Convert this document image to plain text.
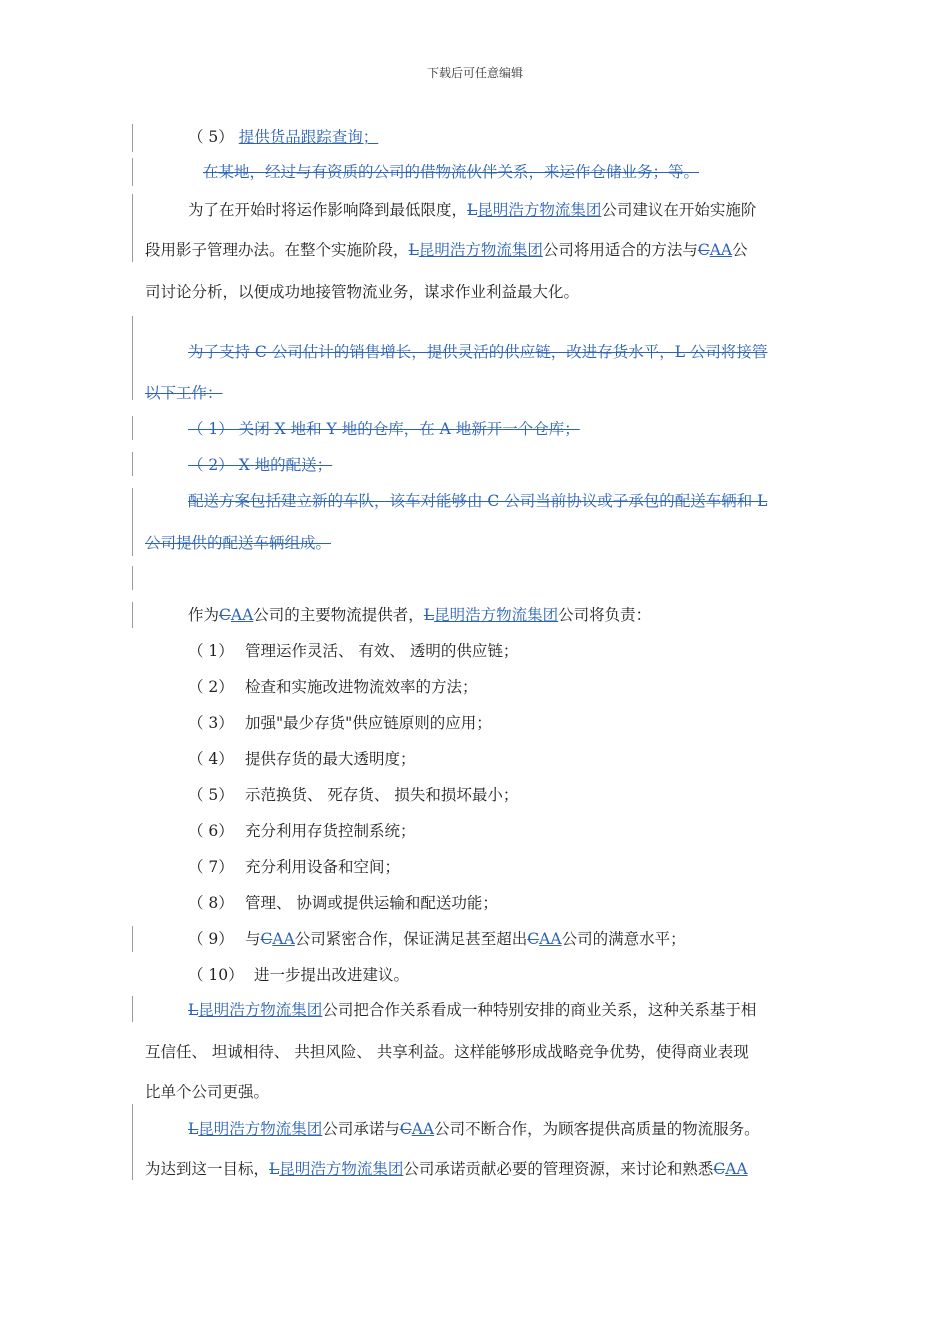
下载后可任意编辑
（ 5） 提供货品跟踪查询；
在某地，经过与有资质的公司的借物流伙伴关系，来运作仓储业务；等。
为了在开始时将运作影响降到最低限度，L昆明浩方物流集团公司建议在开始实施阶
段用影子管理办法。在整个实施阶段，L昆明浩方物流集团公司将用适合的方法与CAA公
司讨论分析，以便成功地接管物流业务，谋求作业利益最大化。
为了支持 C 公司估计的销售增长，提供灵活的供应链，改进存货水平，L 公司将接管
以下工作：
（ 1） 关闭 X 地和 Y 地的仓库，在 A 地新开一个仓库；
（ 2） X 地的配送；
配送方案包括建立新的车队，该车对能够由 C 公司当前协议或子承包的配送车辆和 L
公司提供的配送车辆组成。
作为CAA公司的主要物流提供者，L昆明浩方物流集团公司将负责：
（ 1） 管理运作灵活、 有效、 透明的供应链；
（ 2） 检查和实施改进物流效率的方法；
（ 3） 加强"最少存货"供应链原则的应用；
（ 4） 提供存货的最大透明度；
（ 5） 示范换货、 死存货、 损失和损坏最小；
（ 6） 充分利用存货控制系统；
（ 7） 充分利用设备和空间；
（ 8） 管理、 协调或提供运输和配送功能；
（ 9） 与CAA公司紧密合作，保证满足甚至超出CAA公司的满意水平；
（ 10） 进一步提出改进建议。
L昆明浩方物流集团公司把合作关系看成一种特别安排的商业关系，这种关系基于相
互信任、 坦诚相待、 共担风险、 共享利益。这样能够形成战略竞争优势，使得商业表现
比单个公司更强。
L昆明浩方物流集团公司承诺与CAA公司不断合作，为顾客提供高质量的物流服务。
为达到这一目标，L昆明浩方物流集团公司承诺贡献必要的管理资源，来讨论和熟悉CAA
